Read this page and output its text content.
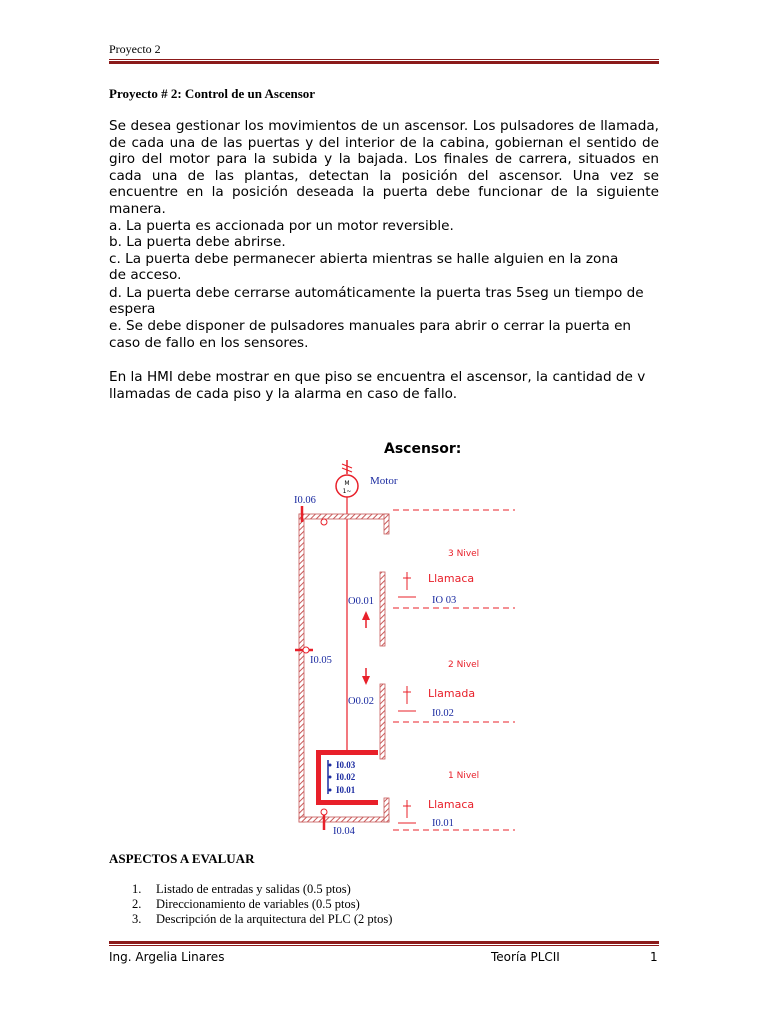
Proyecto 2
Proyecto # 2: Control de un Ascensor
Se desea gestionar los movimientos de un ascensor. Los pulsadores de llamada, de cada una de las puertas y del interior de la cabina, gobiernan el sentido de giro del motor para la subida y la bajada. Los finales de carrera, situados en cada una de las plantas, detectan la posición del ascensor. Una vez se encuentre en la posición deseada la puerta debe funcionar de la siguiente manera.
a. La puerta es accionada por un motor reversible.
b. La puerta debe abrirse.
c. La puerta debe permanecer abierta mientras se halle alguien en la zona
de acceso.
d. La puerta debe cerrarse automáticamente la puerta tras 5seg un tiempo de
espera
e. Se debe disponer de pulsadores manuales para abrir o cerrar la puerta en
caso de fallo en los sensores.
En la HMI debe mostrar en que piso se encuentra el ascensor, la cantidad de v
llamadas de cada piso y la alarma en caso de fallo.
Ascensor:
M
1~
Motor
I0.06
I0.05
I0.04
O0.01
O0.02
3 Nivel
2 Nivel
1 Nivel
Llamaca
IO 03
Llamada
I0.02
Llamaca
I0.01
I0.03
I0.02
I0.01
ASPECTOS A EVALUAR
1. Listado de entradas y salidas (0.5 ptos)
2. Direccionamiento de variables (0.5 ptos)
3. Descripción de la arquitectura del PLC (2 ptos)
Ing. Argelia Linares	Teoría PLCII	1
